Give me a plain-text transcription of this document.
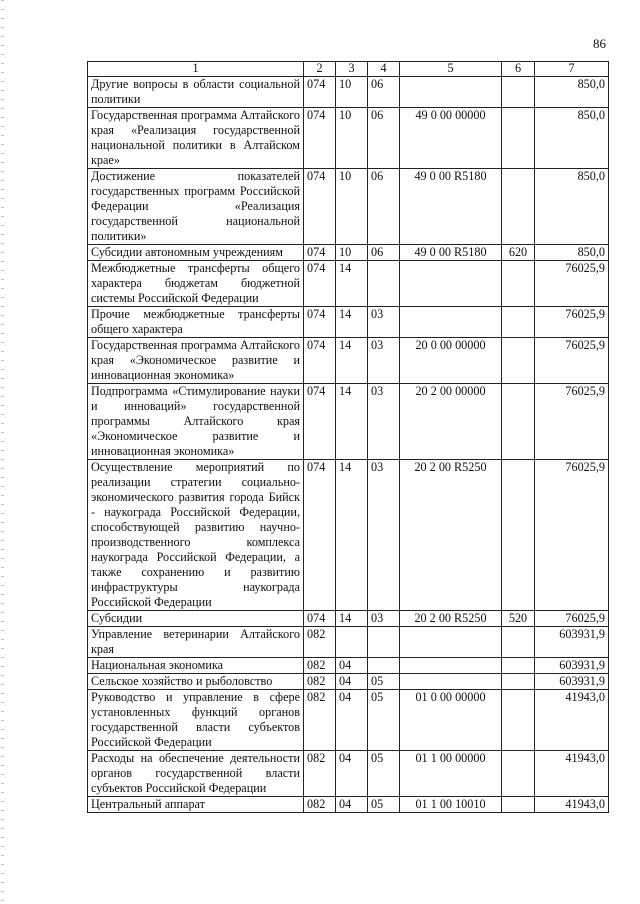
86
1	2	3	4	5	6	7
Другие вопросы в области социальной политики	074	10	06			850,0
Государственная программа Алтайского края «Реализация государственной национальной политики в Алтайском крае»	074	10	06	49 0 00 00000		850,0
Достижение показателей государственных программ Российской Федерации «Реализация государственной национальной политики»	074	10	06	49 0 00 R5180		850,0
Субсидии автономным учреждениям	074	10	06	49 0 00 R5180	620	850,0
Межбюджетные трансферты общего характера бюджетам бюджетной системы Российской Федерации	074	14				76025,9
Прочие межбюджетные трансферты общего характера	074	14	03			76025,9
Государственная программа Алтайского края «Экономическое развитие и инновационная экономика»	074	14	03	20 0 00 00000		76025,9
Подпрограмма «Стимулирование науки и инноваций» государственной программы Алтайского края «Экономическое развитие и инновационная экономика»	074	14	03	20 2 00 00000		76025,9
Осуществление мероприятий по реализации стратегии социально-экономического развития города Бийск - наукограда Российской Федерации, способствующей развитию научно-производственного комплекса наукограда Российской Федерации, а также сохранению и развитию инфраструктуры наукограда Российской Федерации	074	14	03	20 2 00 R5250		76025,9
Субсидии	074	14	03	20 2 00 R5250	520	76025,9
Управление ветеринарии Алтайского края	082					603931,9
Национальная экономика	082	04				603931,9
Сельское хозяйство и рыболовство	082	04	05			603931,9
Руководство и управление в сфере установленных функций органов государственной власти субъектов Российской Федерации	082	04	05	01 0 00 00000		41943,0
Расходы на обеспечение деятельности органов государственной власти субъектов Российской Федерации	082	04	05	01 1 00 00000		41943,0
Центральный аппарат	082	04	05	01 1 00 10010		41943,0
